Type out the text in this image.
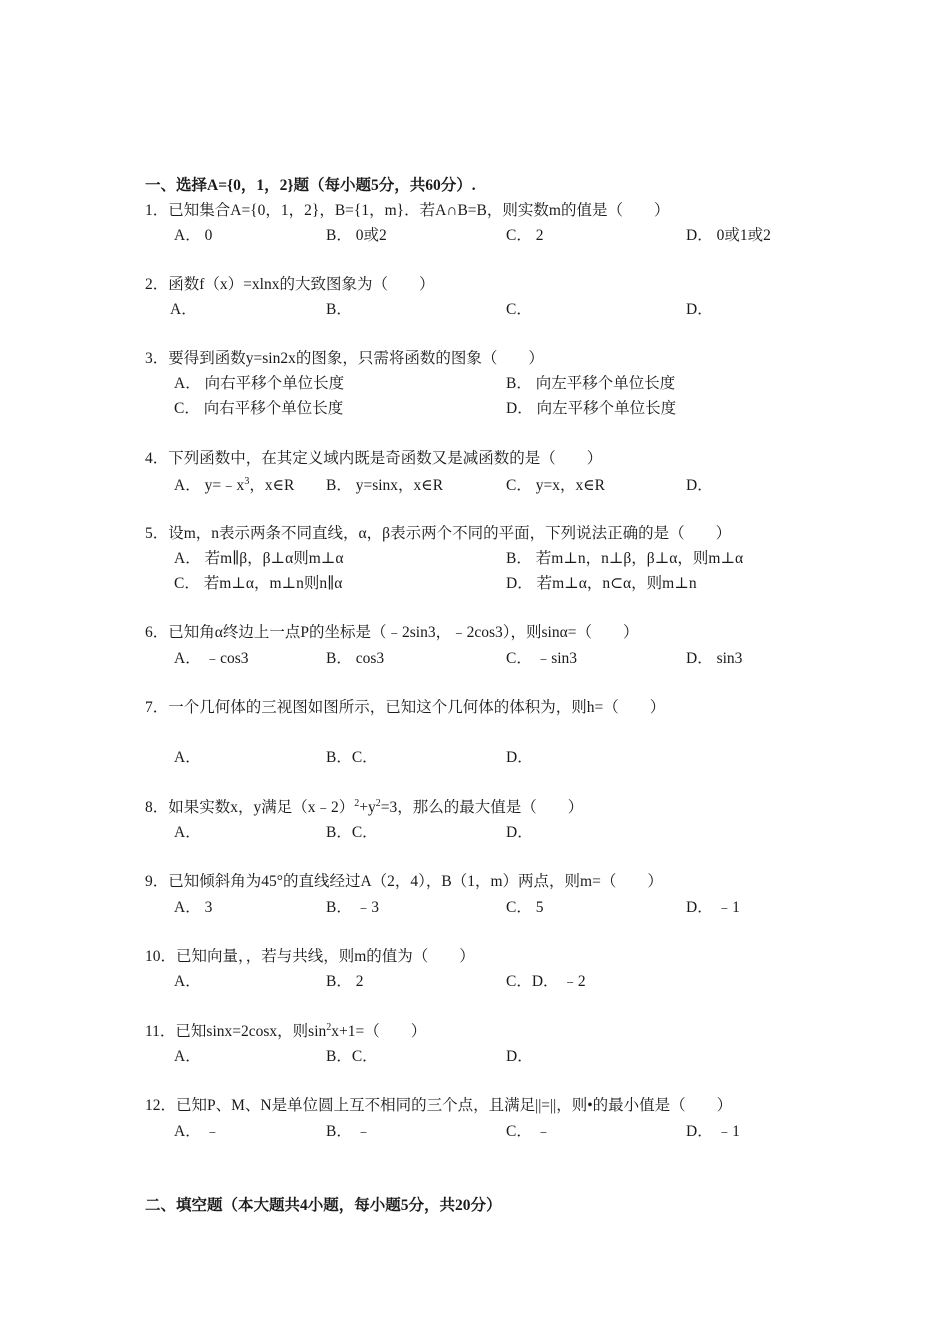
一、选择A={0，1，2}题（每小题5分，共60分）.
1．已知集合A={0，1，2}，B={1，m}．若A∩B=B，则实数m的值是（　　）
A． 0	B． 0或2	C． 2	D． 0或1或2
2．函数f（x）=xlnx的大致图象为（　　）
A．	B．	C．	D．
3．要得到函数y=sin2x的图象，只需将函数的图象（　　）
A． 向右平移个单位长度	B． 向左平移个单位长度
C． 向右平移个单位长度	D． 向左平移个单位长度
4．下列函数中，在其定义域内既是奇函数又是减函数的是（　　）
A． $y=﹣x^3$，x∈R B． y=sinx，x∈R	C． y=x，x∈R	D．
5．设m，n表示两条不同直线，α，β表示两个不同的平面，下列说法正确的是（　　）
A． 若m∥β，β⊥α则m⊥α	B． 若m⊥n，n⊥β，β⊥α，则m⊥α
C． 若m⊥α，m⊥n则n∥α	D． 若m⊥α，n⊂α，则m⊥n
6．已知角α终边上一点P的坐标是（﹣2sin3，﹣2cos3），则sinα=（　　）
A． ﹣cos3	B． cos3	C． ﹣sin3	D． sin3
7．一个几何体的三视图如图所示，已知这个几何体的体积为，则h=（　　）
A．	B．C．	D．
8．如果实数x，y满足$(x﹣2)^2+y^2=3$，那么的最大值是（　　）
A．	B．C．	D．
9．已知倾斜角为45°的直线经过A（2，4），B（1，m）两点，则m=（　　）
A． 3	B． ﹣3	C． 5	D． ﹣1
10．已知向量，，若与共线，则m的值为（　　）
A．	B． 2	C．D． ﹣2
11．已知sinx=2cosx，则$\sin^2x+1=$（　　）
A．	B．C．	D．
12．已知P、M、N是单位圆上互不相同的三个点，且满足||=||，则•的最小值是（　　）
A． ﹣	B． ﹣	C． ﹣	D． ﹣1
二、填空题（本大题共4小题，每小题5分，共20分）
